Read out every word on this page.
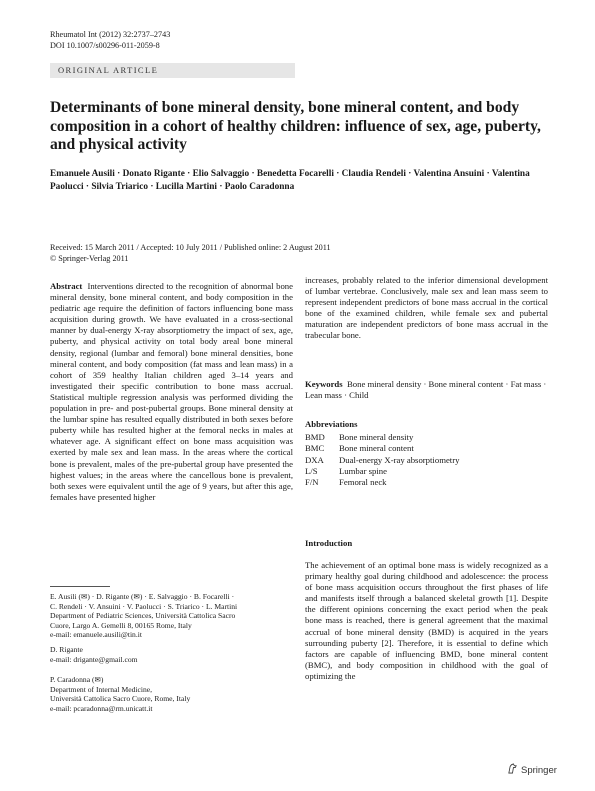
Rheumatol Int (2012) 32:2737–2743
DOI 10.1007/s00296-011-2059-8
ORIGINAL ARTICLE
Determinants of bone mineral density, bone mineral content, and body composition in a cohort of healthy children: influence of sex, age, puberty, and physical activity
Emanuele Ausili · Donato Rigante · Elio Salvaggio · Benedetta Focarelli · Claudia Rendeli · Valentina Ansuini · Valentina Paolucci · Silvia Triarico · Lucilla Martini · Paolo Caradonna
Received: 15 March 2011 / Accepted: 10 July 2011 / Published online: 2 August 2011
© Springer-Verlag 2011

Abstract Interventions directed to the recognition of abnormal bone mineral density, bone mineral content, and body composition in the pediatric age require the definition of factors influencing bone mass acquisition during growth. We have evaluated in a cross-sectional manner by dual-energy X-ray absorptiometry the impact of sex, age, puberty, and physical activity on total body areal bone mineral density, regional (lumbar and femoral) bone mineral densities, bone mineral content, and body composition (fat mass and lean mass) in a cohort of 359 healthy Italian children aged 3–14 years and investigated their specific contribution to bone mass accrual. Statistical multiple regression analysis was performed dividing the population in pre- and post-pubertal groups. Bone mineral density at the lumbar spine has resulted equally distributed in both sexes before puberty while has resulted higher at the femoral necks in males at whatever age. A significant effect on bone mass acquisition was exerted by male sex and lean mass. In the areas where the cortical bone is prevalent, males of the pre-pubertal group have presented the highest values; in the areas where the cancellous bone is prevalent, both sexes were equivalent until the age of 9 years, but after this age, females have presented higher

increases, probably related to the inferior dimensional development of lumbar vertebrae. Conclusively, male sex and lean mass seem to represent independent predictors of bone mass accrual in the cortical bone of the examined children, while female sex and pubertal maturation are independent predictors of bone mass accrual in the trabecular bone.

Keywords Bone mineral density · Bone mineral content · Fat mass · Lean mass · Child
Abbreviations
BMD	Bone mineral density
BMC	Bone mineral content
DXA	Dual-energy X-ray absorptiometry
L/S	Lumbar spine
F/N	Femoral neck
Introduction
The achievement of an optimal bone mass is widely recognized as a primary healthy goal during childhood and adolescence: the process of bone mass acquisition occurs throughout the first phases of life and manifests itself through a balanced skeletal growth [1]. Despite the different opinions concerning the exact period when the peak bone mass is reached, there is general agreement that the maximal accrual of bone mineral density (BMD) is acquired in the years surrounding puberty [2]. Therefore, it is essential to define which factors are capable of influencing BMD, bone mineral content (BMC), and body composition in childhood with the goal of optimizing the
E. Ausili (✉) · D. Rigante (✉) · E. Salvaggio · B. Focarelli ·
C. Rendeli · V. Ansuini · V. Paolucci · S. Triarico · L. Martini
Department of Pediatric Sciences, Università Cattolica Sacro
Cuore, Largo A. Gemelli 8, 00165 Rome, Italy
e-mail: emanuele.ausili@tin.it
D. Rigante
e-mail: drigante@gmail.com
P. Caradonna (✉)
Department of Internal Medicine,
Università Cattolica Sacro Cuore, Rome, Italy
e-mail: pcaradonna@rm.unicatt.it
Springer
